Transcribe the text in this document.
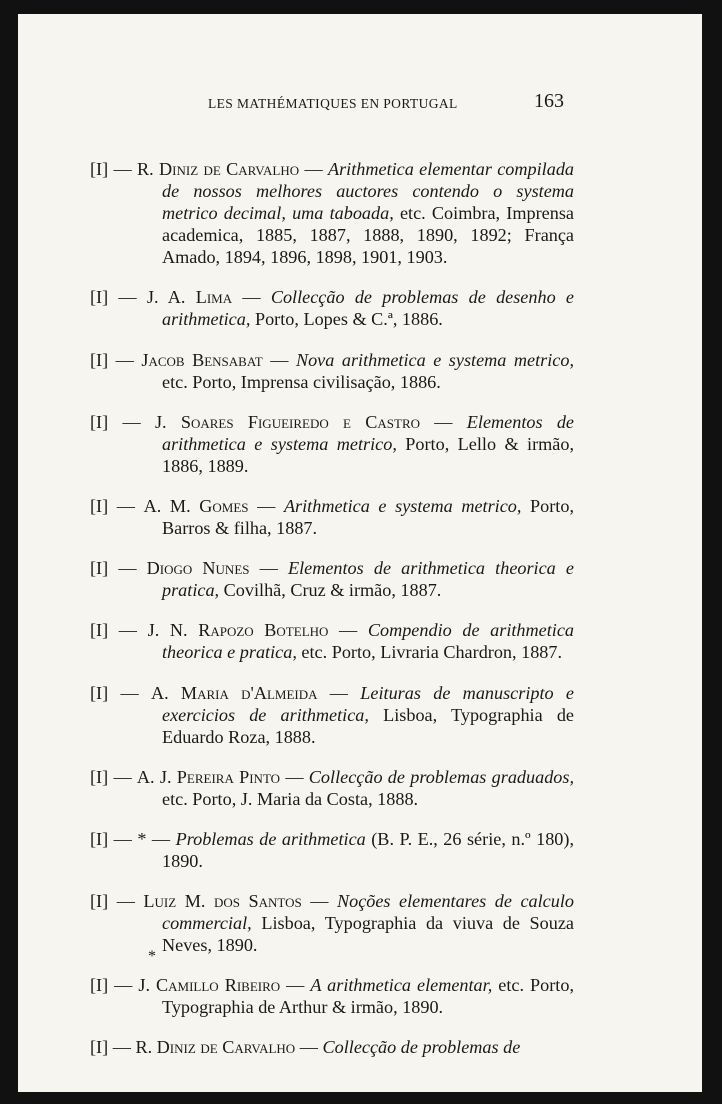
LES MATHÉMATIQUES EN PORTUGAL	163

[I] — R. Diniz de Carvalho — Arithmetica elementar compilada de nossos melhores auctores contendo o systema metrico decimal, uma taboada, etc. Coimbra, Imprensa academica, 1885, 1887, 1888, 1890, 1892; França Amado, 1894, 1896, 1898, 1901, 1903.

[I] — J. A. Lima — Collecção de problemas de desenho e arithmetica, Porto, Lopes & C.ª, 1886.

[I] — Jacob Bensabat — Nova arithmetica e systema metrico, etc. Porto, Imprensa civilisação, 1886.

[I] — J. Soares Figueiredo e Castro — Elementos de arithmetica e systema metrico, Porto, Lello & irmão, 1886, 1889.

[I] — A. M. Gomes — Arithmetica e systema metrico, Porto, Barros & filha, 1887.

[I] — Diogo Nunes — Elementos de arithmetica theorica e pratica, Covilhã, Cruz & irmão, 1887.

[I] — J. N. Rapozo Botelho — Compendio de arithmetica theorica e pratica, etc. Porto, Livraria Chardron, 1887.

[I] — A. Maria d'Almeida — Leituras de manuscripto e exercicios de arithmetica, Lisboa, Typographia de Eduardo Roza, 1888.

[I] — A. J. Pereira Pinto — Collecção de problemas graduados, etc. Porto, J. Maria da Costa, 1888.

[I] — * — Problemas de arithmetica (B. P. E., 26 série, n.º 180), 1890.

[I] — Luiz M. dos Santos — Noções elementares de calculo commercial, Lisboa, Typographia da viuva de Souza Neves, 1890.

[I] — J. Camillo Ribeiro — A arithmetica elementar, etc. Porto, Typographia de Arthur & irmão, 1890.

[I] — R. Diniz de Carvalho — Collecção de problemas de

*
